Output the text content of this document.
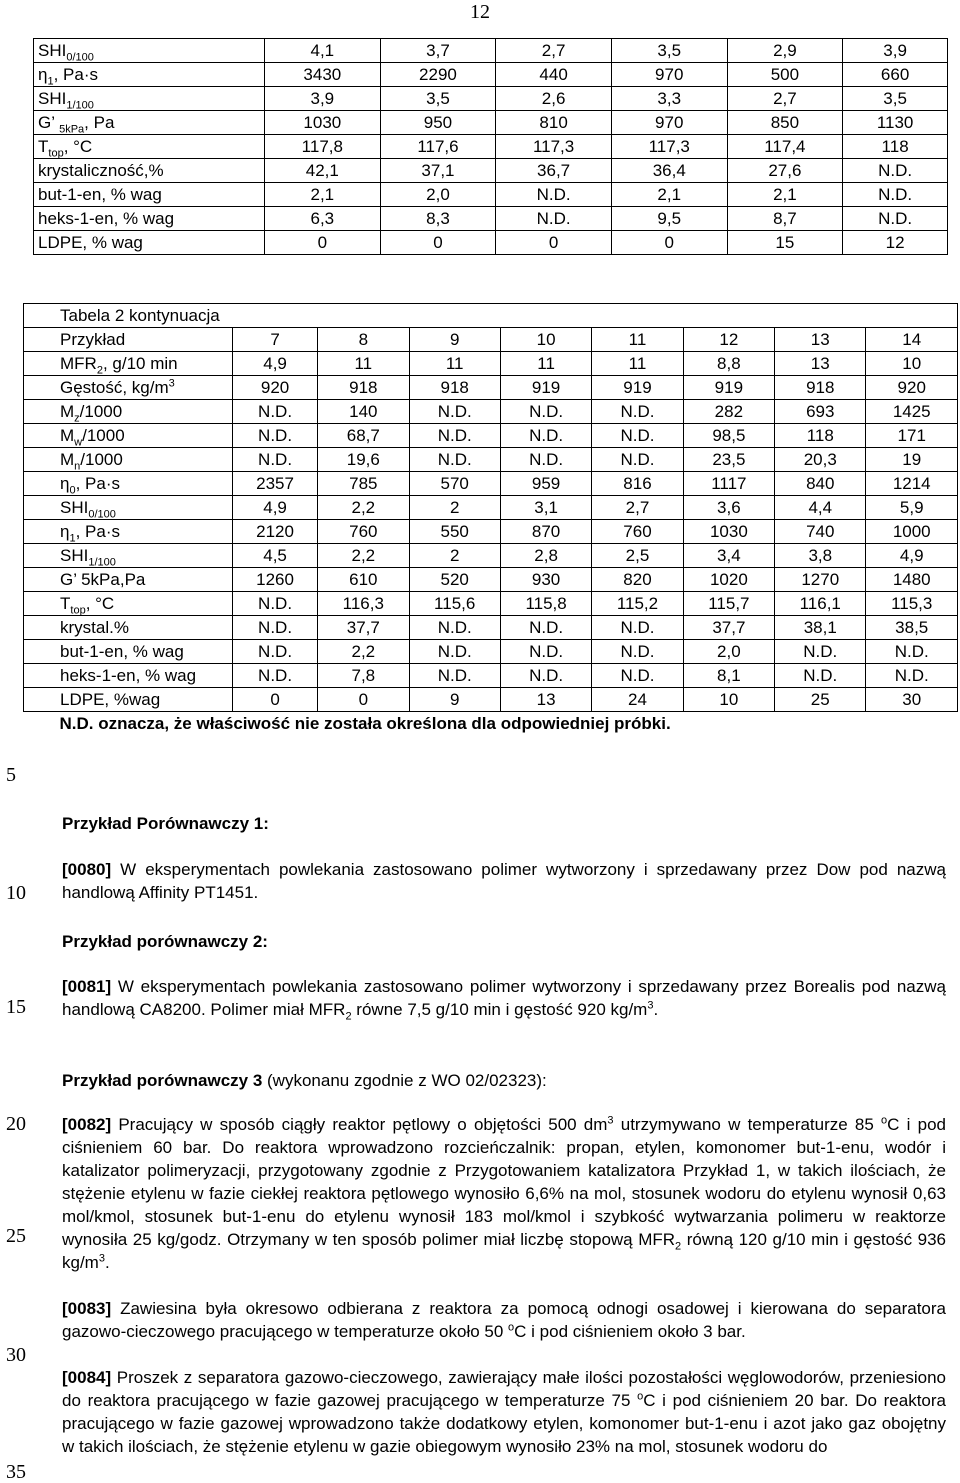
12
$SHI_{0/100}$	4,1	3,7	2,7	3,5	2,9	3,9
$\eta_1$, Pa·s	3430	2290	440	970	500	660
$SHI_{1/100}$	3,9	3,5	2,6	3,3	2,7	3,5
G’ $_{5kPa}$, Pa	1030	950	810	970	850	1130
$T_{top}$, °C	117,8	117,6	117,3	117,3	117,4	118
krystaliczność,%	42,1	37,1	36,7	36,4	27,6	N.D.
but-1-en, % wag	2,1	2,0	N.D.	2,1	2,1	N.D.
heks-1-en, % wag	6,3	8,3	N.D.	9,5	8,7	N.D.
LDPE, % wag	0	0	0	0	15	12
Tabela 2 kontynuacja								
Przykład	7	8	9	10	11	12	13	14
$MFR_2$, g/10 min	4,9	11	11	11	11	8,8	13	10
Gęstość, $kg/m^3$	920	918	918	919	919	919	918	920
$M_z/1000$	N.D.	140	N.D.	N.D.	N.D.	282	693	1425
$M_w/1000$	N.D.	68,7	N.D.	N.D.	N.D.	98,5	118	171
$M_n/1000$	N.D.	19,6	N.D.	N.D.	N.D.	23,5	20,3	19
$\eta_0$, Pa·s	2357	785	570	959	816	1117	840	1214
$SHI_{0/100}$	4,9	2,2	2	3,1	2,7	3,6	4,4	5,9
$\eta_1$, Pa·s	2120	760	550	870	760	1030	740	1000
$SHI_{1/100}$	4,5	2,2	2	2,8	2,5	3,4	3,8	4,9
G’ 5kPa,Pa	1260	610	520	930	820	1020	1270	1480
$T_{top}$, °C	N.D.	116,3	115,6	115,8	115,2	115,7	116,1	115,3
krystal.%	N.D.	37,7	N.D.	N.D.	N.D.	37,7	38,1	38,5
but-1-en, % wag	N.D.	2,2	N.D.	N.D.	N.D.	2,0	N.D.	N.D.
heks-1-en, % wag	N.D.	7,8	N.D.	N.D.	N.D.	8,1	N.D.	N.D.
LDPE, %wag	0	0	9	13	24	10	25	30
N.D. oznacza, że właściwość nie została określona dla odpowiedniej próbki.								
5
10
15
20
25
30
35
Przykład Porównawczy 1:
[0080] W eksperymentach powlekania zastosowano polimer wytworzony i sprzedawany przez Dow pod nazwą handlową Affinity PT1451.
Przykład porównawczy 2:
[0081] W eksperymentach powlekania zastosowano polimer wytworzony i sprzedawany przez Borealis pod nazwą handlową CA8200. Polimer miał $MFR_2$ równe 7,5 g/10 min i gęstość 920 $kg/m^3$.
Przykład porównawczy 3 (wykonanu zgodnie z WO 02/02323):
[0082] Pracujący w sposób ciągły reaktor pętlowy o objętości 500 $dm^3$ utrzymywano w temperaturze 85 $^o$C i pod ciśnieniem 60 bar. Do reaktora wprowadzono rozcieńczalnik: propan, etylen, komonomer but-1-enu, wodór i katalizator polimeryzacji, przygotowany zgodnie z Przygotowaniem katalizatora Przykład 1, w takich ilościach, że stężenie etylenu w fazie ciekłej reaktora pętlowego wynosiło 6,6% na mol, stosunek wodoru do etylenu wynosił 0,63 mol/kmol, stosunek but-1-enu do etylenu wynosił 183 mol/kmol i szybkość wytwarzania polimeru w reaktorze wynosiła 25 kg/godz. Otrzymany w ten sposób polimer miał liczbę stopową $MFR_2$ równą 120 g/10 min i gęstość 936 $kg/m^3$.
[0083] Zawiesina była okresowo odbierana z reaktora za pomocą odnogi osadowej i kierowana do separatora gazowo-cieczowego pracującego w temperaturze około 50 $^o$C i pod ciśnieniem około 3 bar.
[0084] Proszek z separatora gazowo-cieczowego, zawierający małe ilości pozostałości węglowodorów, przeniesiono do reaktora pracującego w fazie gazowej pracującego w temperaturze 75 $^o$C i pod ciśnieniem 20 bar. Do reaktora pracującego w fazie gazowej wprowadzono także dodatkowy etylen, komonomer but-1-enu i azot jako gaz obojętny w takich ilościach, że stężenie etylenu w gazie obiegowym wynosiło 23% na mol, stosunek wodoru do
